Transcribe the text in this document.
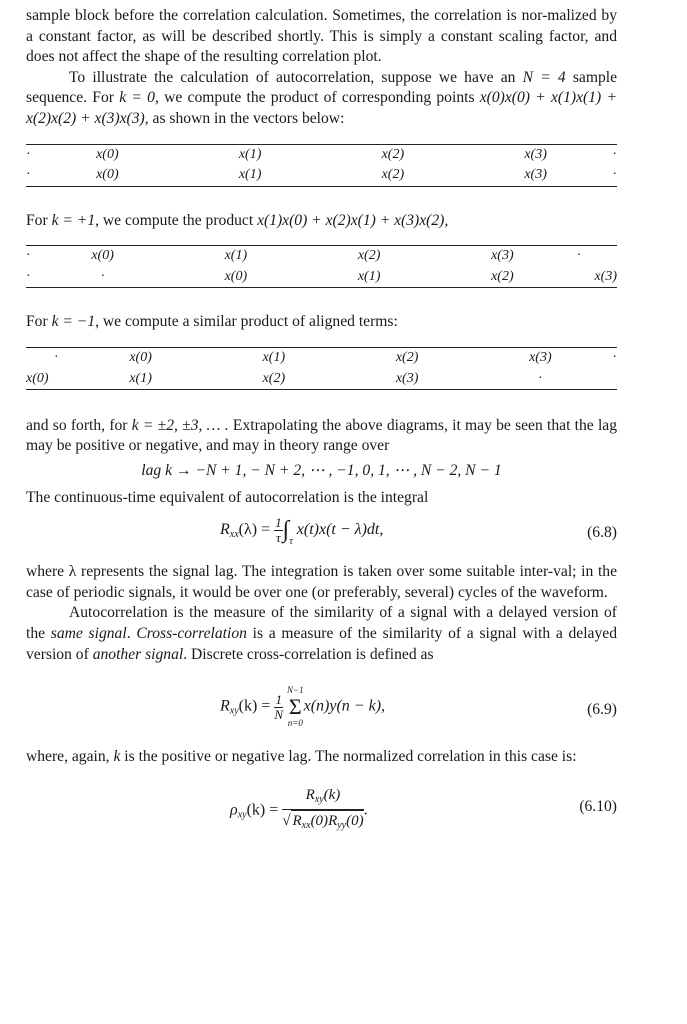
sample block before the correlation calculation. Sometimes, the correlation is nor-malized by a constant factor, as will be described shortly. This is simply a constant scaling factor, and does not affect the shape of the resulting correlation plot.

To illustrate the calculation of autocorrelation, suppose we have an N = 4 sample sequence. For k = 0, we compute the product of corresponding points x(0)x(0) + x(1)x(1) + x(2)x(2) + x(3)x(3), as shown in the vectors below:

·	x(0)	x(1)	x(2)	x(3)	·
·	x(0)	x(1)	x(2)	x(3)	·

For k = +1, we compute the product x(1)x(0) + x(2)x(1) + x(3)x(2),

·	x(0)	x(1)	x(2)	x(3)	·	
·	·	x(0)	x(1)	x(2)		x(3)

For k = −1, we compute a similar product of aligned terms:

	·	x(0)	x(1)	x(2)	x(3)	·
x(0)		x(1)	x(2)	x(3)	·	

and so forth, for k = ±2, ±3, … . Extrapolating the above diagrams, it may be seen that the lag may be positive or negative, and may in theory range over

lag k → −N + 1, − N + 2, ⋯ , −1, 0, 1, ⋯ , N − 2, N − 1

The continuous-time equivalent of autocorrelation is the integral

$R_{xx}(\lambda) = \frac{1}{\tau} \int_\tau$ x(t)x(t − λ)dt,	(6.8)

where λ represents the signal lag. The integration is taken over some suitable inter-val; in the case of periodic signals, it would be over one (or preferably, several) cycles of the waveform.

Autocorrelation is the measure of the similarity of a signal with a delayed version of the same signal. Cross-correlation is a measure of the similarity of a signal with a delayed version of another signal. Discrete cross-correlation is defined as

$R_{xy}(k) = \frac{1}{N}$

N−1
Σ
n=0
x(n)y(n − k),	(6.9)

where, again, k is the positive or negative lag. The normalized correlation in this case is:

$\rho_{xy}(k) = \frac{R_{xy}(k)}{√ R_{xx}(0)R_{yy}(0)}$ .	(6.10)
